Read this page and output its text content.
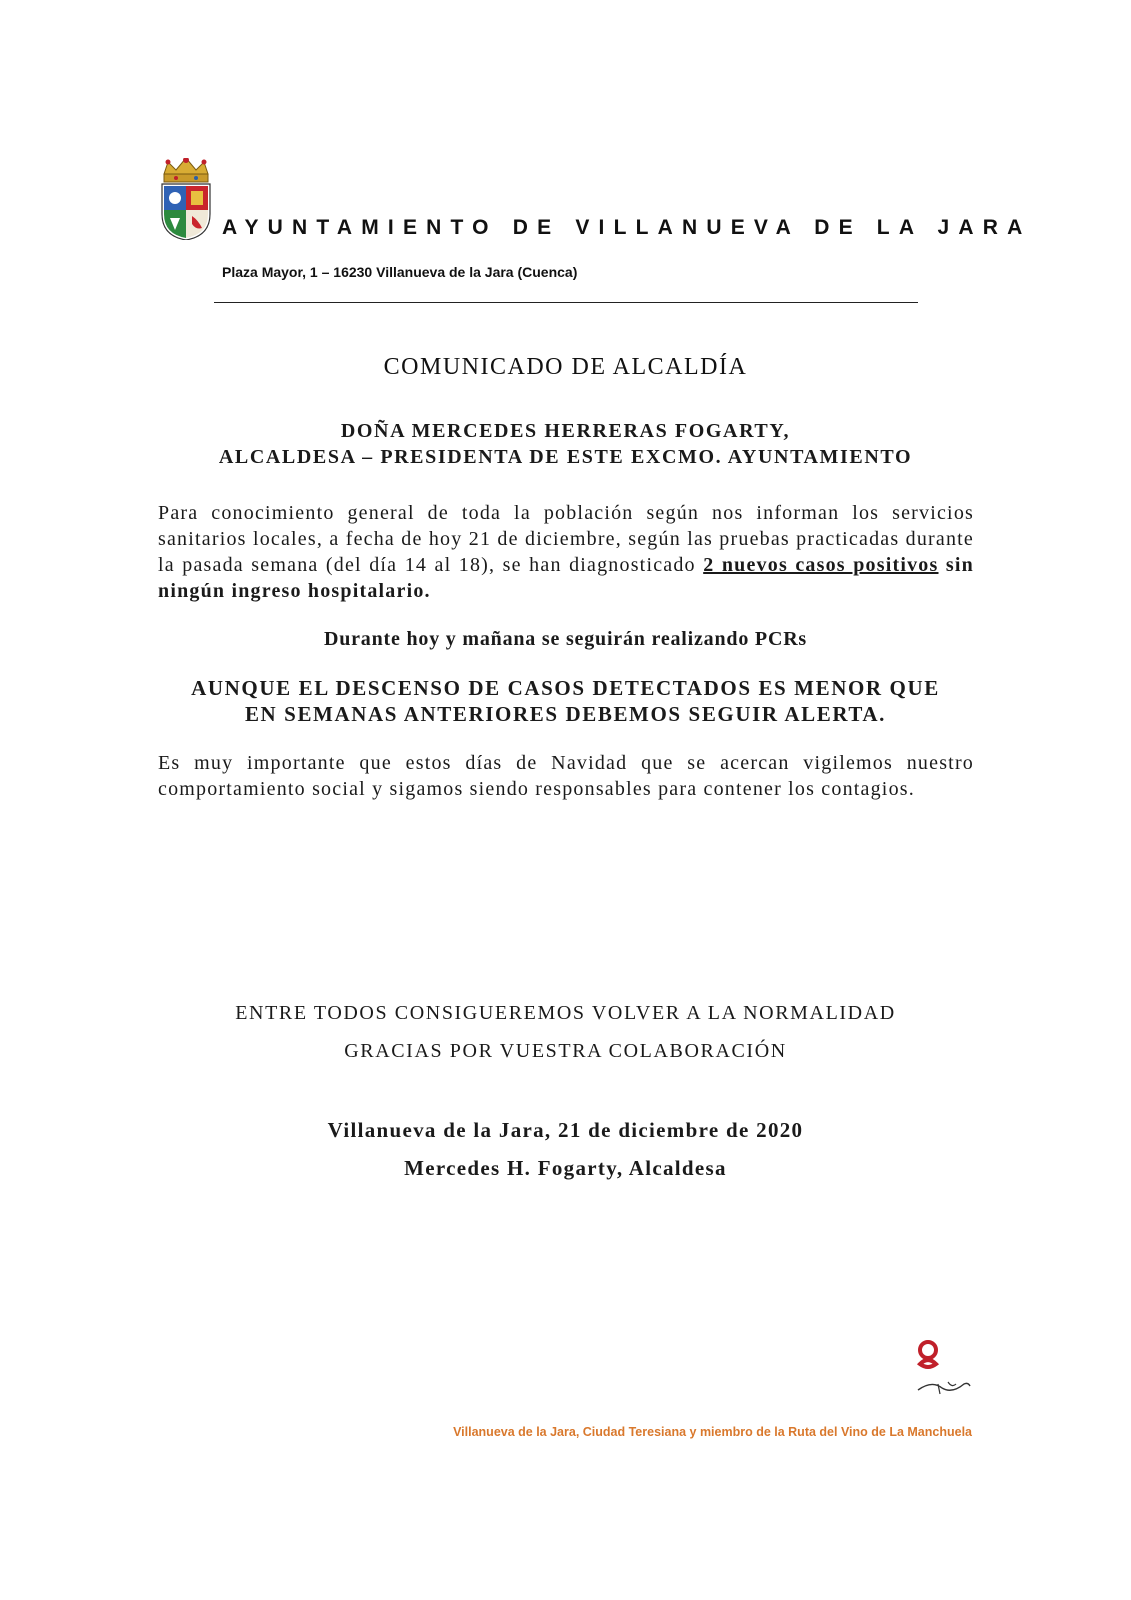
AYUNTAMIENTO DE VILLANUEVA DE LA JARA
Plaza Mayor, 1 – 16230 Villanueva de la Jara (Cuenca)
COMUNICADO DE ALCALDÍA
DOÑA MERCEDES HERRERAS FOGARTY,
ALCALDESA – PRESIDENTA DE ESTE EXCMO. AYUNTAMIENTO
Para conocimiento general de toda la población según nos informan los servicios sanitarios locales, a fecha de hoy 21 de diciembre, según las pruebas practicadas durante la pasada semana (del día 14 al 18), se han diagnosticado 2 nuevos casos positivos sin ningún ingreso hospitalario.
Durante hoy y mañana se seguirán realizando PCRs
AUNQUE EL DESCENSO DE CASOS DETECTADOS ES MENOR QUE
EN SEMANAS ANTERIORES DEBEMOS SEGUIR ALERTA.
Es muy importante que estos días de Navidad que se acercan vigilemos nuestro comportamiento social y sigamos siendo responsables para contener los contagios.
ENTRE TODOS CONSIGUEREMOS VOLVER A LA NORMALIDAD
GRACIAS POR VUESTRA COLABORACIÓN
Villanueva de la Jara, 21 de diciembre de 2020
Mercedes H. Fogarty, Alcaldesa
Villanueva de la Jara, Ciudad Teresiana y miembro de la Ruta del Vino de La Manchuela
